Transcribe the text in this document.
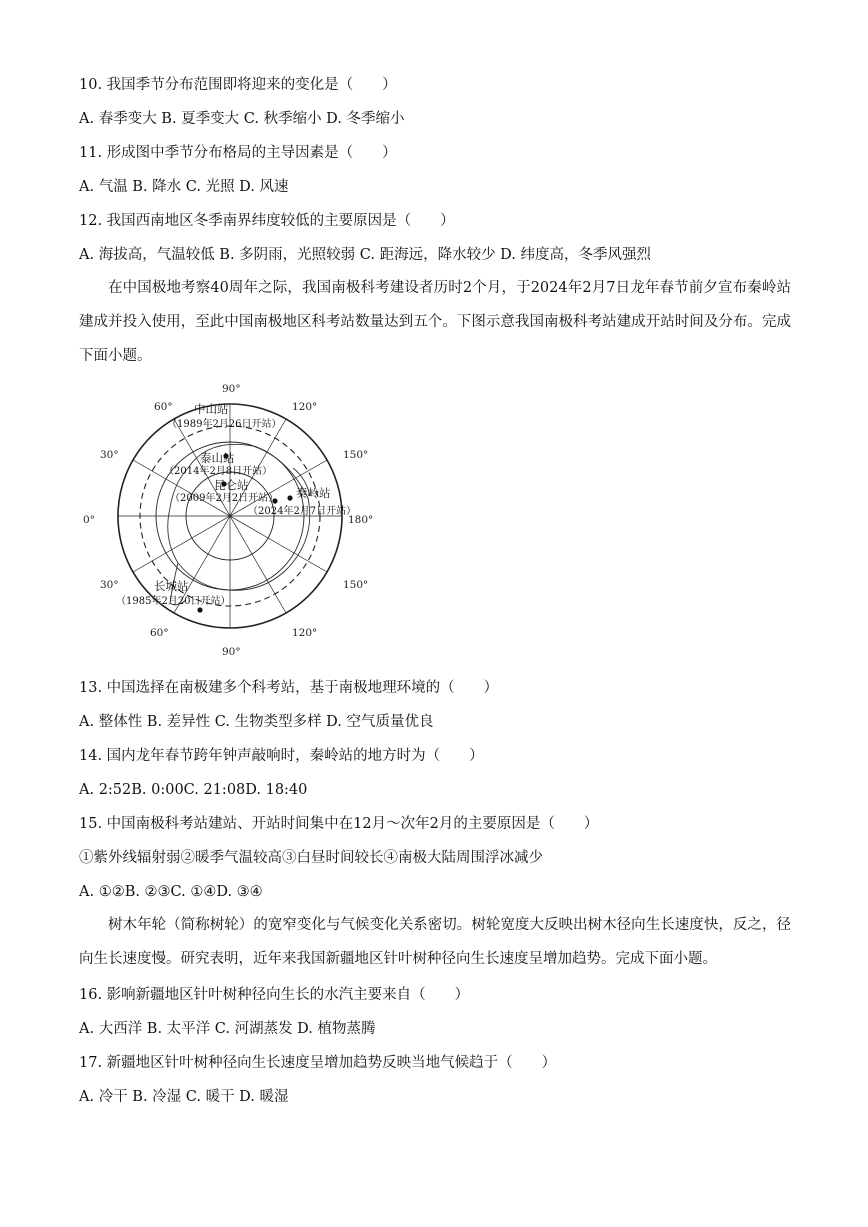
10. 我国季节分布范围即将迎来的变化是（　　）
A. 春季变大 B. 夏季变大 C. 秋季缩小 D. 冬季缩小
11. 形成图中季节分布格局的主导因素是（　　）
A. 气温 B. 降水 C. 光照 D. 风速
12. 我国西南地区冬季南界纬度较低的主要原因是（　　）
A. 海拔高，气温较低 B. 多阴雨，光照较弱 C. 距海远，降水较少 D. 纬度高，冬季风强烈
在中国极地考察40周年之际，我国南极科考建设者历时2个月，于2024年2月7日龙年春节前夕宣布秦岭站建成并投入使用，至此中国南极地区科考站数量达到五个。下图示意我国南极科考站建成开站时间及分布。完成下面小题。
90°
60°	120°
30°	150°
0°	180°
30°	150°
60°	120°
90°
中山站
（1989年2月26日开站）
泰山站
（2014年2月8日开站）
昆仑站
（2009年2月2日开站） 秦岭站
（2024年2月7日开站）
长城站
（1985年2月20日开站）
13. 中国选择在南极建多个科考站，基于南极地理环境的（　　）
A. 整体性 B. 差异性 C. 生物类型多样 D. 空气质量优良
14. 国内龙年春节跨年钟声敲响时，秦岭站的地方时为（　　）
A. 2:52B. 0:00C. 21:08D. 18:40
15. 中国南极科考站建站、开站时间集中在12月～次年2月的主要原因是（　　）
①紫外线辐射弱②暖季气温较高③白昼时间较长④南极大陆周围浮冰减少
A. ①②B. ②③C. ①④D. ③④
树木年轮（简称树轮）的宽窄变化与气候变化关系密切。树轮宽度大反映出树木径向生长速度快，反之，径向生长速度慢。研究表明，近年来我国新疆地区针叶树种径向生长速度呈增加趋势。完成下面小题。
16. 影响新疆地区针叶树种径向生长的水汽主要来自（　　）
A. 大西洋 B. 太平洋 C. 河湖蒸发 D. 植物蒸腾
17. 新疆地区针叶树种径向生长速度呈增加趋势反映当地气候趋于（　　）
A. 冷干 B. 冷湿 C. 暖干 D. 暖湿
